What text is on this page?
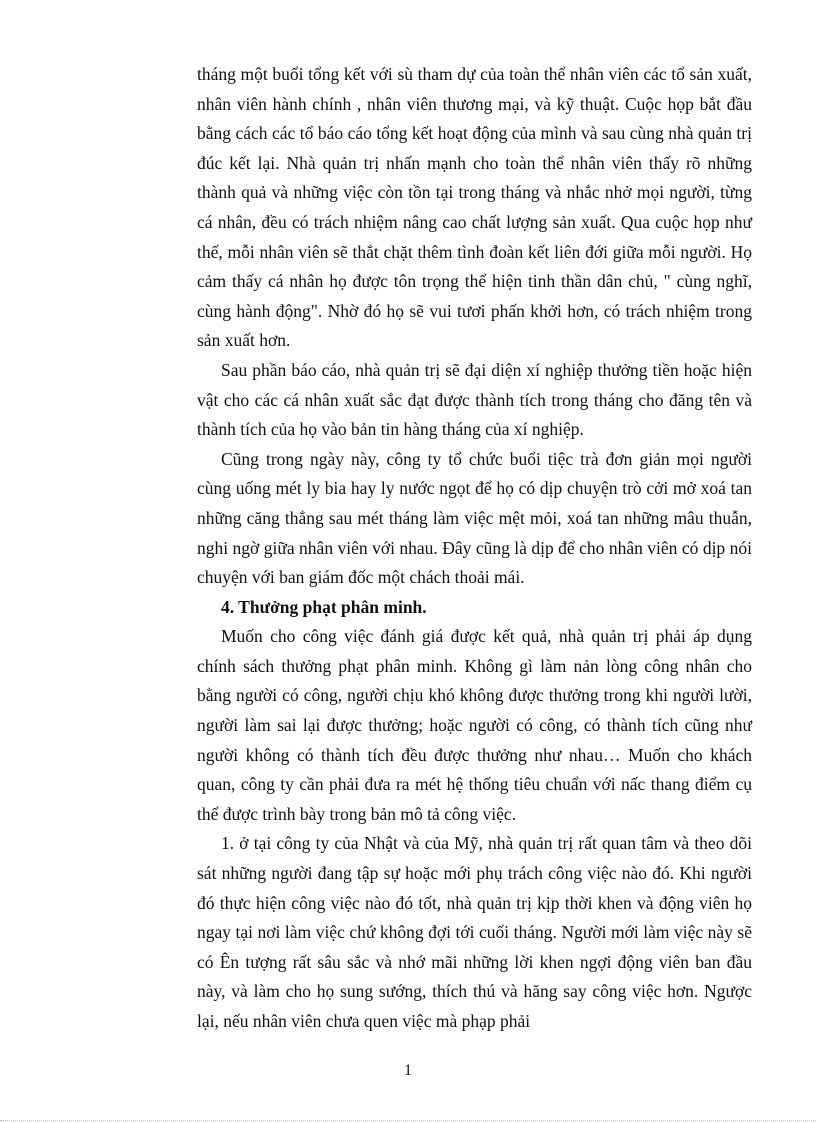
tháng một buổi tổng kết với sù tham dự của toàn thể nhân viên các tổ sản xuất, nhân viên hành chính , nhân viên thương mại, và kỹ thuật. Cuộc họp bắt đầu bằng cách các tổ báo cáo tổng kết hoạt động của mình và sau cùng nhà quản trị đúc kết lại. Nhà quản trị nhấn mạnh cho toàn thể nhân viên thấy rõ những thành quả và những việc còn tồn tại trong tháng và nhắc nhở mọi người, từng cá nhân, đều có trách nhiệm nâng cao chất lượng sản xuất. Qua cuộc họp như thế, mỗi nhân viên sẽ thắt chặt thêm tình đoàn kết liên đới giữa mỗi người. Họ cảm thấy cá nhân họ được tôn trọng thể hiện tinh thần dân chủ, " cùng nghĩ, cùng hành động". Nhờ đó họ sẽ vui tươi phấn khởi hơn, có trách nhiệm trong sản xuất hơn.

Sau phần báo cáo, nhà quản trị sẽ đại diện xí nghiệp thưởng tiền hoặc hiện vật cho các cá nhân xuất sắc đạt được thành tích trong tháng cho đăng tên và thành tích của họ vào bản tin hàng tháng của xí nghiệp.

Cũng trong ngày này, công ty tổ chức buổi tiệc trà đơn giản mọi người cùng uống mét ly bia hay ly nước ngọt để họ có dịp chuyện trò cởi mở xoá tan những căng thẳng sau mét tháng làm việc mệt mỏi, xoá tan những mâu thuẫn, nghi ngờ giữa nhân viên với nhau. Đây cũng là dịp để cho nhân viên có dịp nói chuyện với ban giám đốc một chách thoải mái.

4. Thưởng phạt phân minh.

Muốn cho công việc đánh giá được kết quả, nhà quản trị phải áp dụng chính sách thưởng phạt phân minh. Không gì làm nản lòng công nhân cho bằng người có công, người chịu khó không được thưởng trong khi người lười, người làm sai lại được thưởng; hoặc người có công, có thành tích cũng như người không có thành tích đều được thưởng như nhau… Muốn cho khách quan, công ty cần phải đưa ra mét hệ thống tiêu chuẩn với nấc thang điểm cụ thể được trình bày trong bản mô tả công việc.

1. ở tại công ty của Nhật và của Mỹ, nhà quản trị rất quan tâm và theo dõi sát những người đang tập sự hoặc mới phụ trách công việc nào đó. Khi người đó thực hiện công việc nào đó tốt, nhà quản trị kịp thời khen và động viên họ ngay tại nơi làm việc chứ không đợi tới cuối tháng. Người mới làm việc này sẽ có Ên tượng rất sâu sắc và nhớ mãi những lời khen ngợi động viên ban đầu này, và làm cho họ sung sướng, thích thú và hăng say công việc hơn. Ngược lại, nếu nhân viên chưa quen việc mà phạp phải

1
